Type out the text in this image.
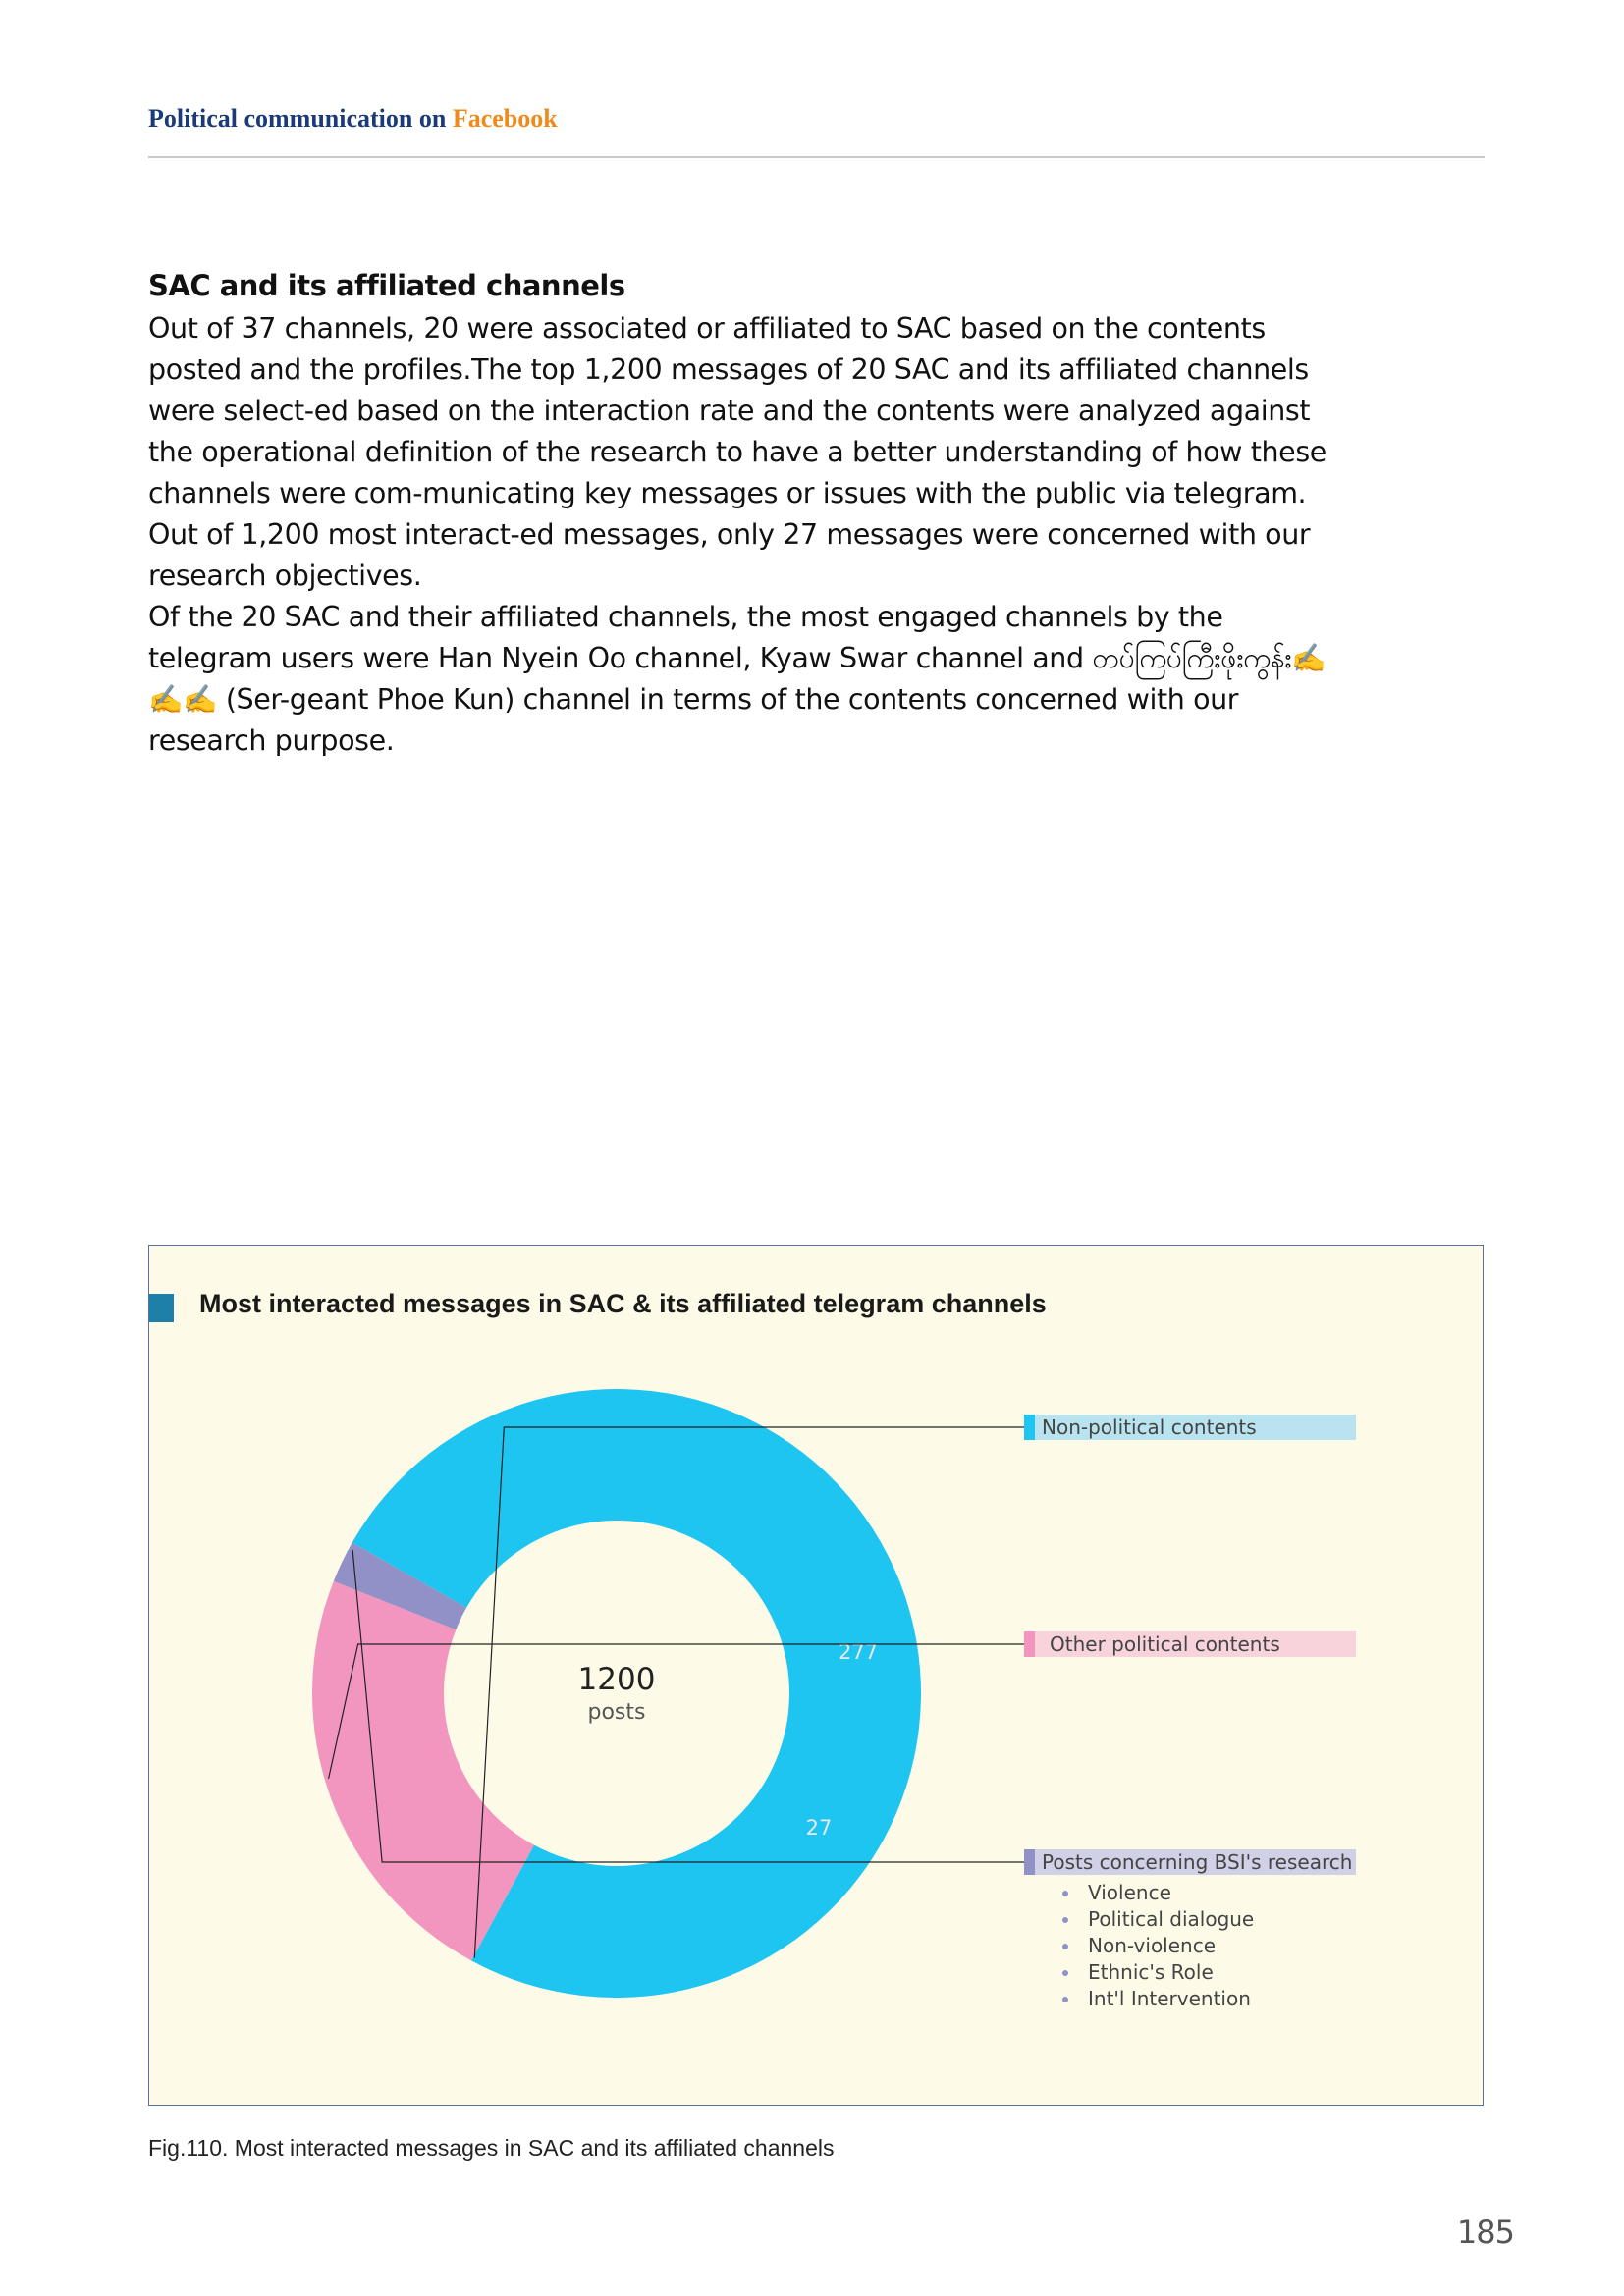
Political communication on Facebook
SAC and its affiliated channels

Out of 37 channels, 20 were associated or affiliated to SAC based on the contents posted and the profiles.The top 1,200 messages of 20 SAC and its affiliated channels were select-ed based on the interaction rate and the contents were analyzed against the operational definition of the research to have a better understanding of how these channels were com-municating key messages or issues with the public via telegram. Out of 1,200 most interact-ed messages, only 27 messages were concerned with our research objectives.

Of the 20 SAC and their affiliated channels, the most engaged channels by the telegram users were Han Nyein Oo channel, Kyaw Swar channel and တပ်ကြပ်ကြီးဖိုးကွန်း✍️✍️✍️ (Ser-geant Phoe Kun) channel in terms of the contents concerned with our research purpose.

Most interacted messages in SAC & its affiliated telegram channels
277
27
1200
posts
Non-political contents
Other political contents
Posts concerning BSI's research
Violence
Political dialogue
Non-violence
Ethnic's Role
Int'l Intervention
Fig.110. Most interacted messages in SAC and its affiliated channels
185
